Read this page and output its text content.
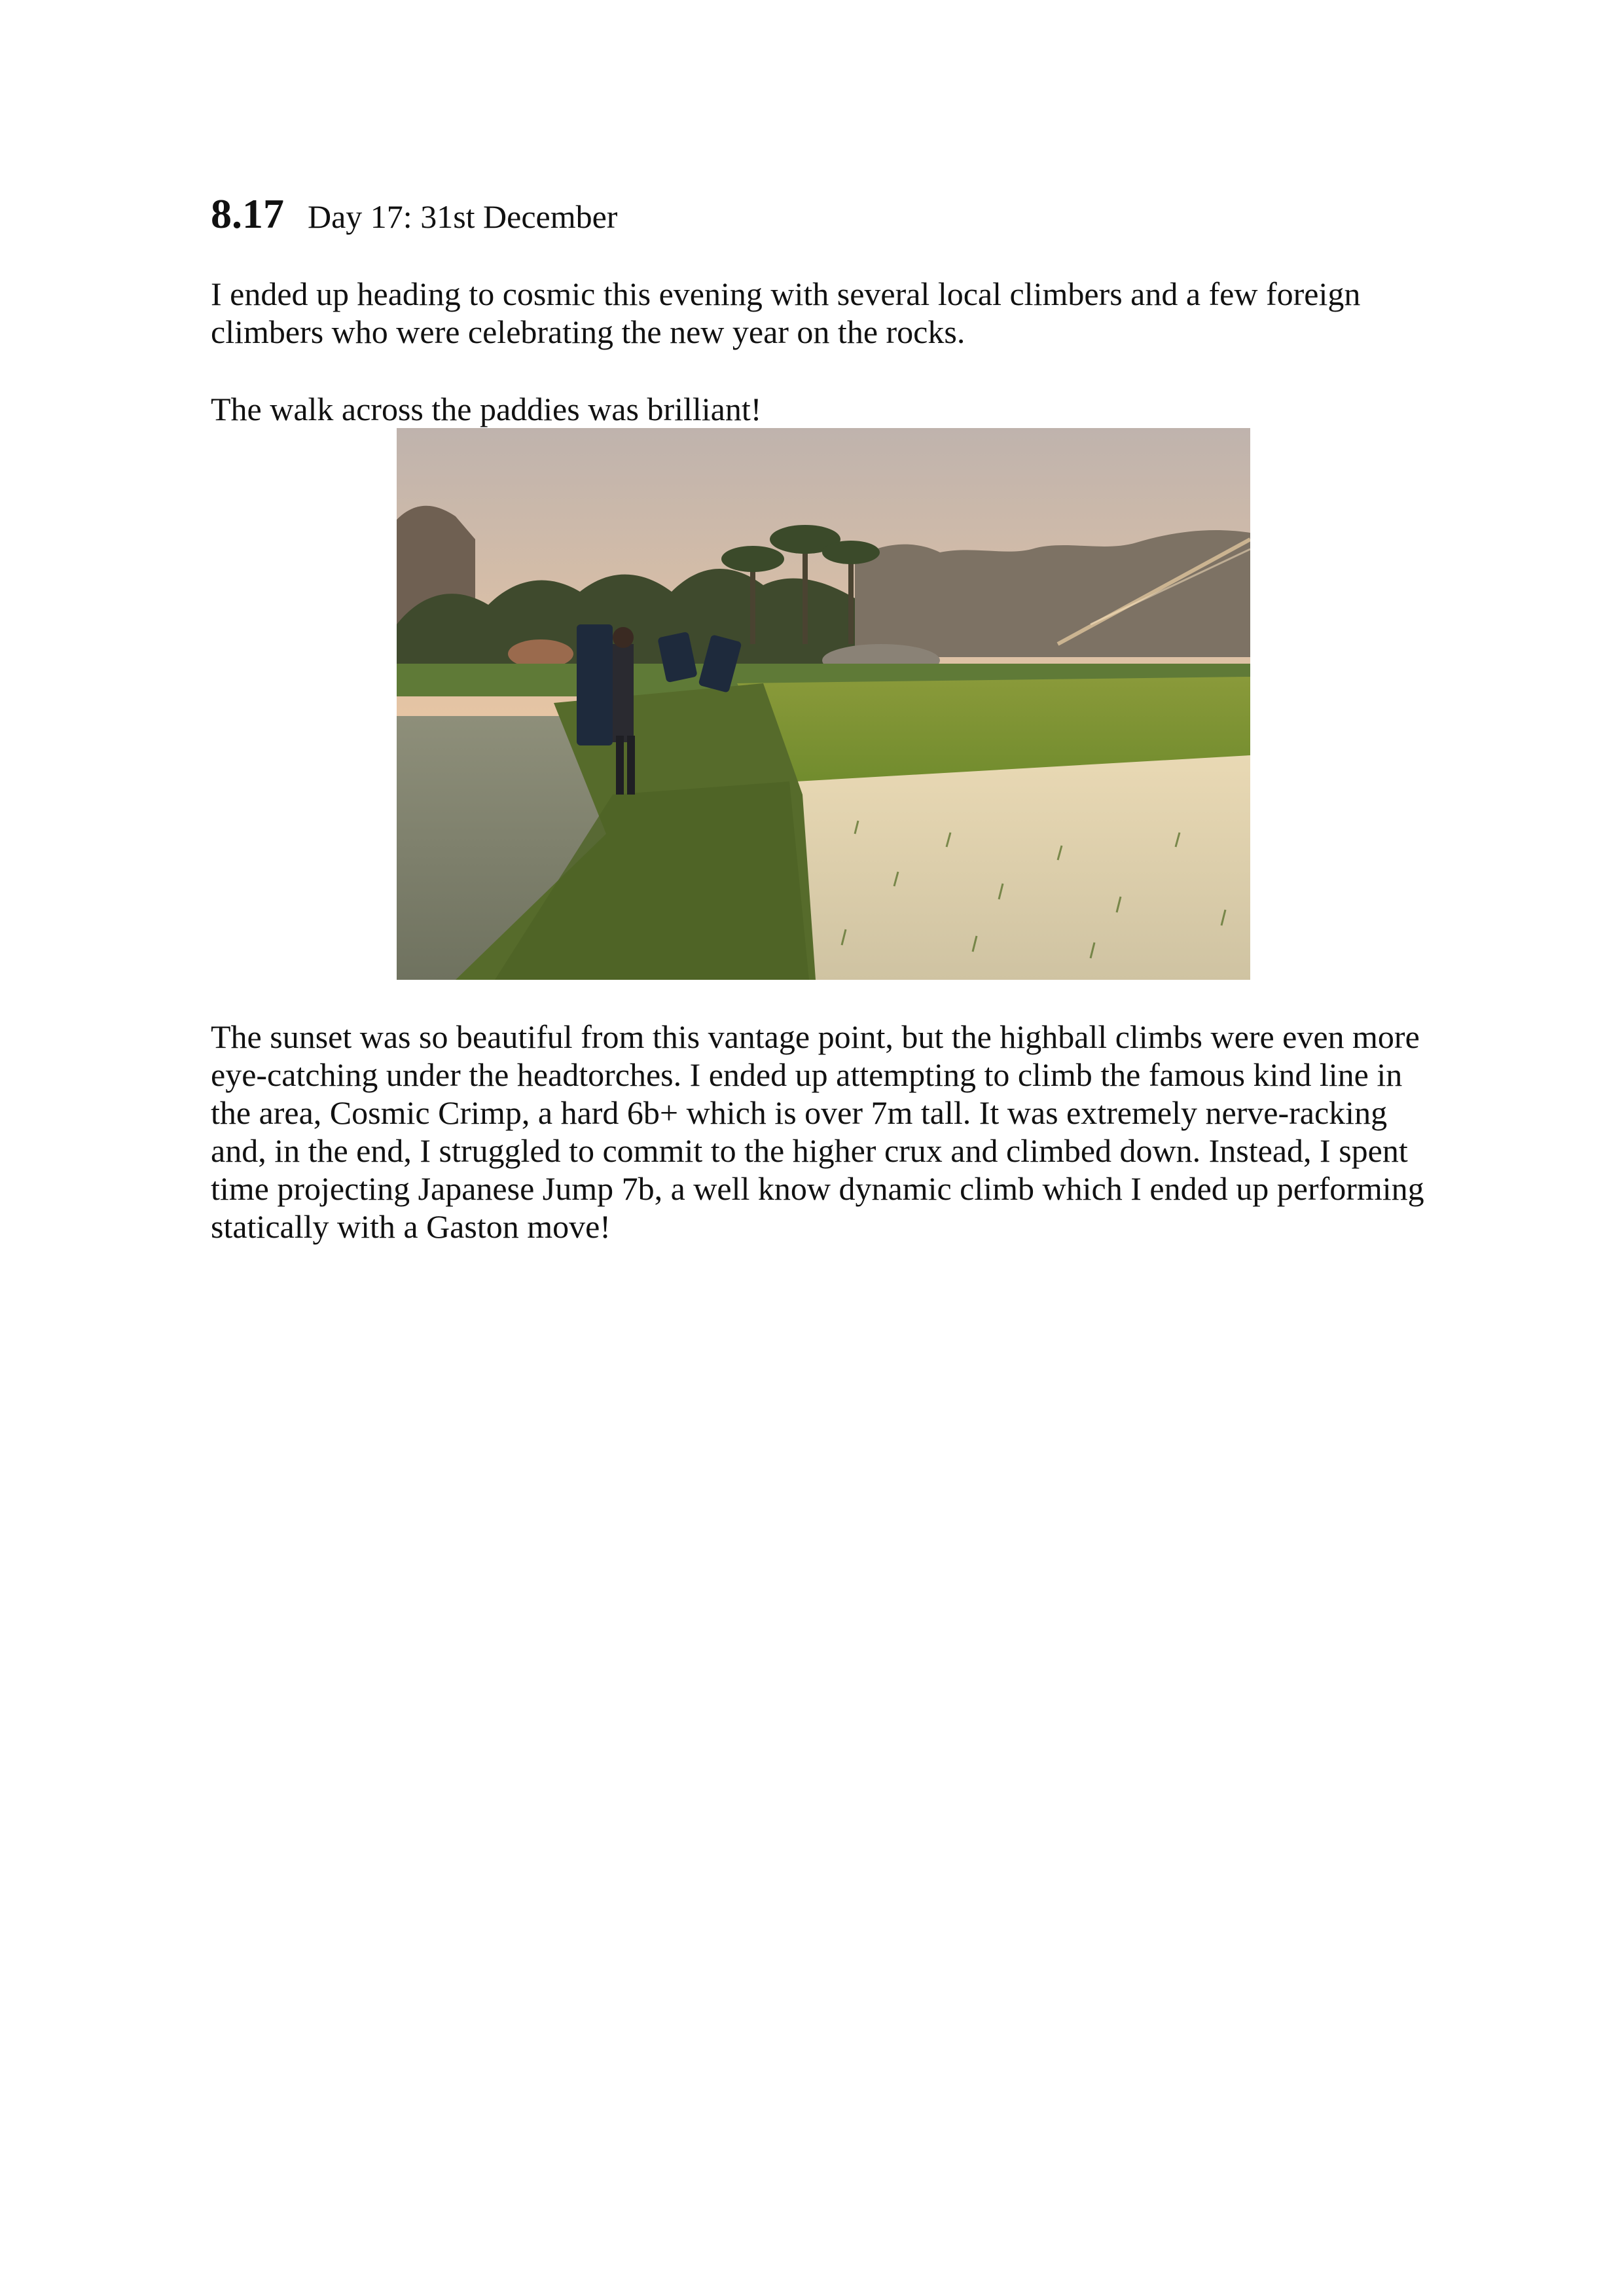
8.17 Day 17: 31st December

I ended up heading to cosmic this evening with several local climbers and a few foreign climbers who were celebrating the new year on the rocks.

The walk across the paddies was brilliant!

The sunset was so beautiful from this vantage point, but the highball climbs were even more eye-catching under the headtorches. I ended up attempting to climb the famous kind line in the area, Cosmic Crimp, a hard 6b+ which is over 7m tall. It was extremely nerve-racking and, in the end, I struggled to commit to the higher crux and climbed down. Instead, I spent time projecting Japanese Jump 7b, a well know dynamic climb which I ended up performing statically with a Gaston move!
